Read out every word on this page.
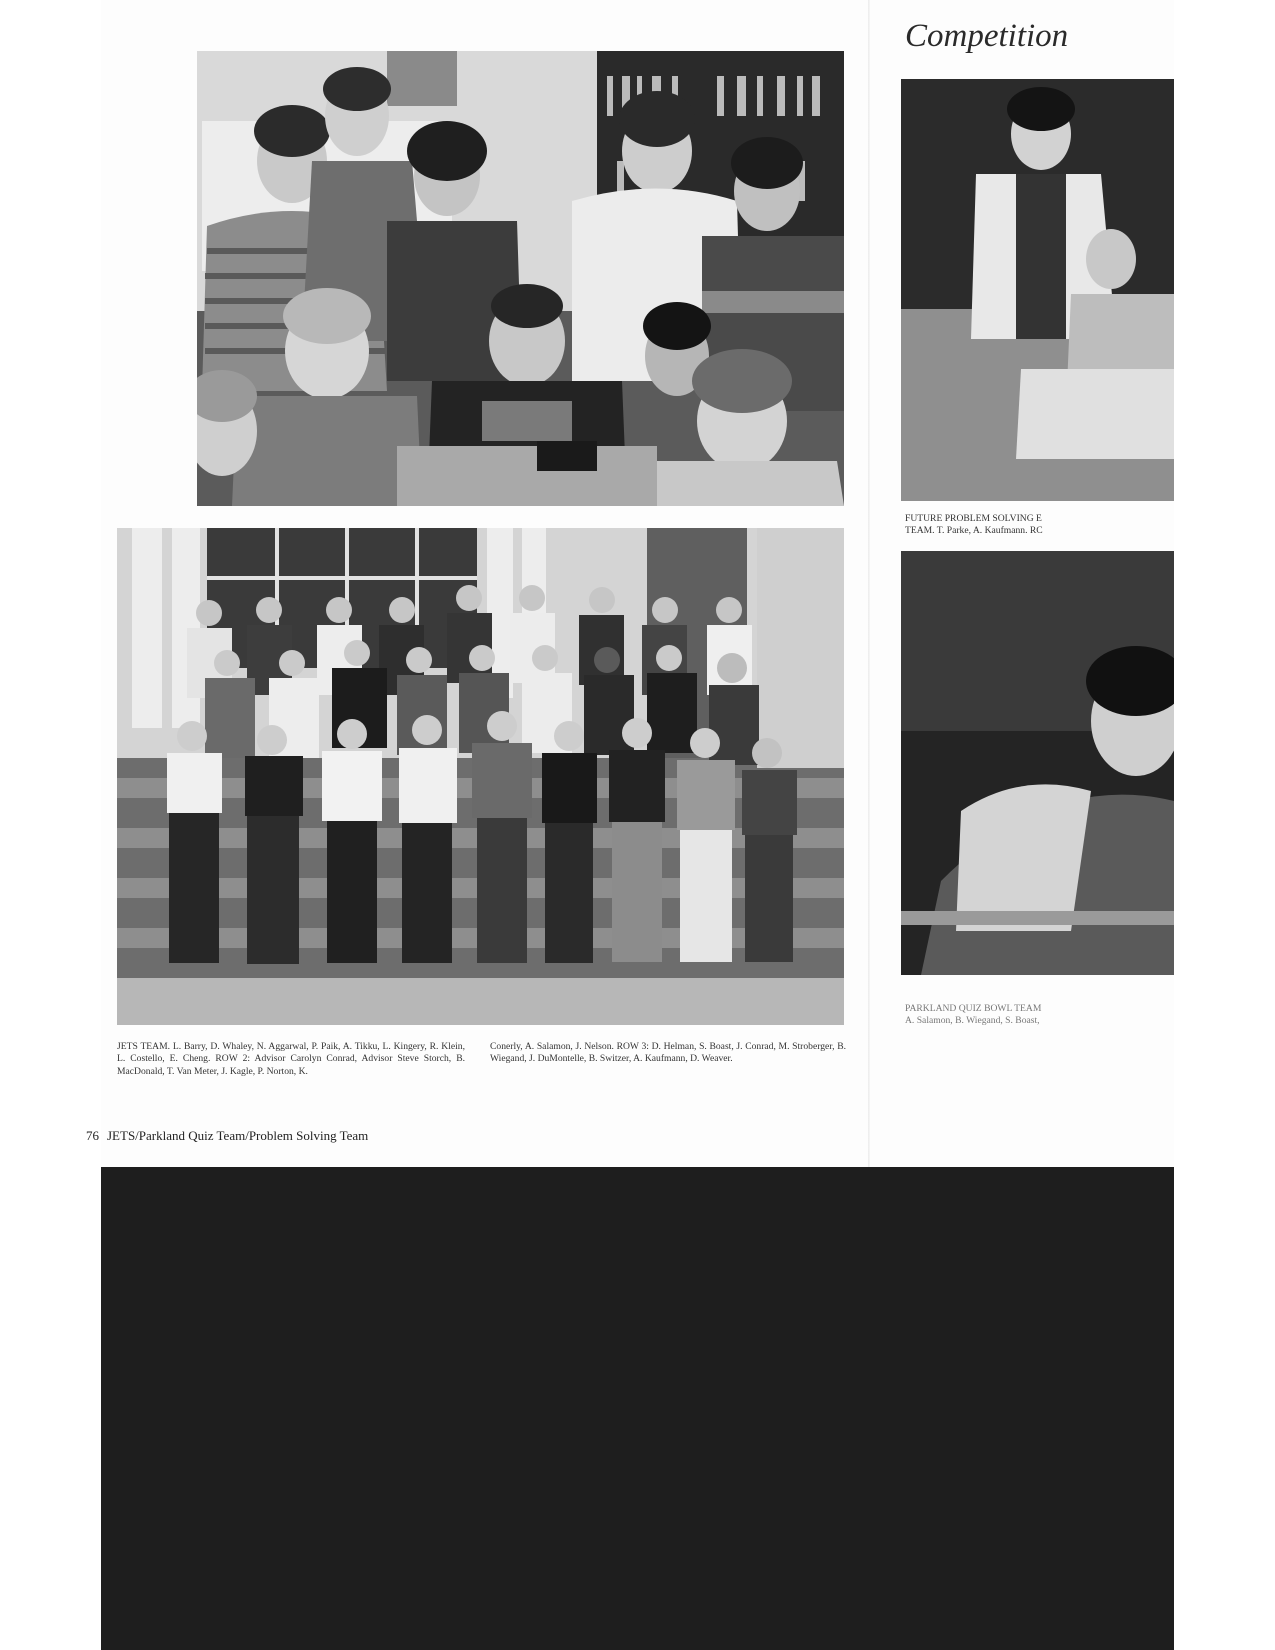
Competition
FUTURE PROBLEM SOLVING E
TEAM. T. Parke, A. Kaufmann. RC
PARKLAND QUIZ BOWL TEAM
A. Salamon, B. Wiegand, S. Boast,
JETS TEAM. L. Barry, D. Whaley, N. Aggarwal, P. Paik, A. Tikku, L. Kingery, R. Klein, L. Costello, E. Cheng. ROW 2: Advisor Carolyn Conrad, Advisor Steve Storch, B. MacDonald, T. Van Meter, J. Kagle, P. Norton, K.
Conerly, A. Salamon, J. Nelson. ROW 3: D. Helman, S. Boast, J. Conrad, M. Stroberger, B. Wiegand, J. DuMontelle, B. Switzer, A. Kaufmann, D. Weaver.
76 JETS/Parkland Quiz Team/Problem Solving Team
